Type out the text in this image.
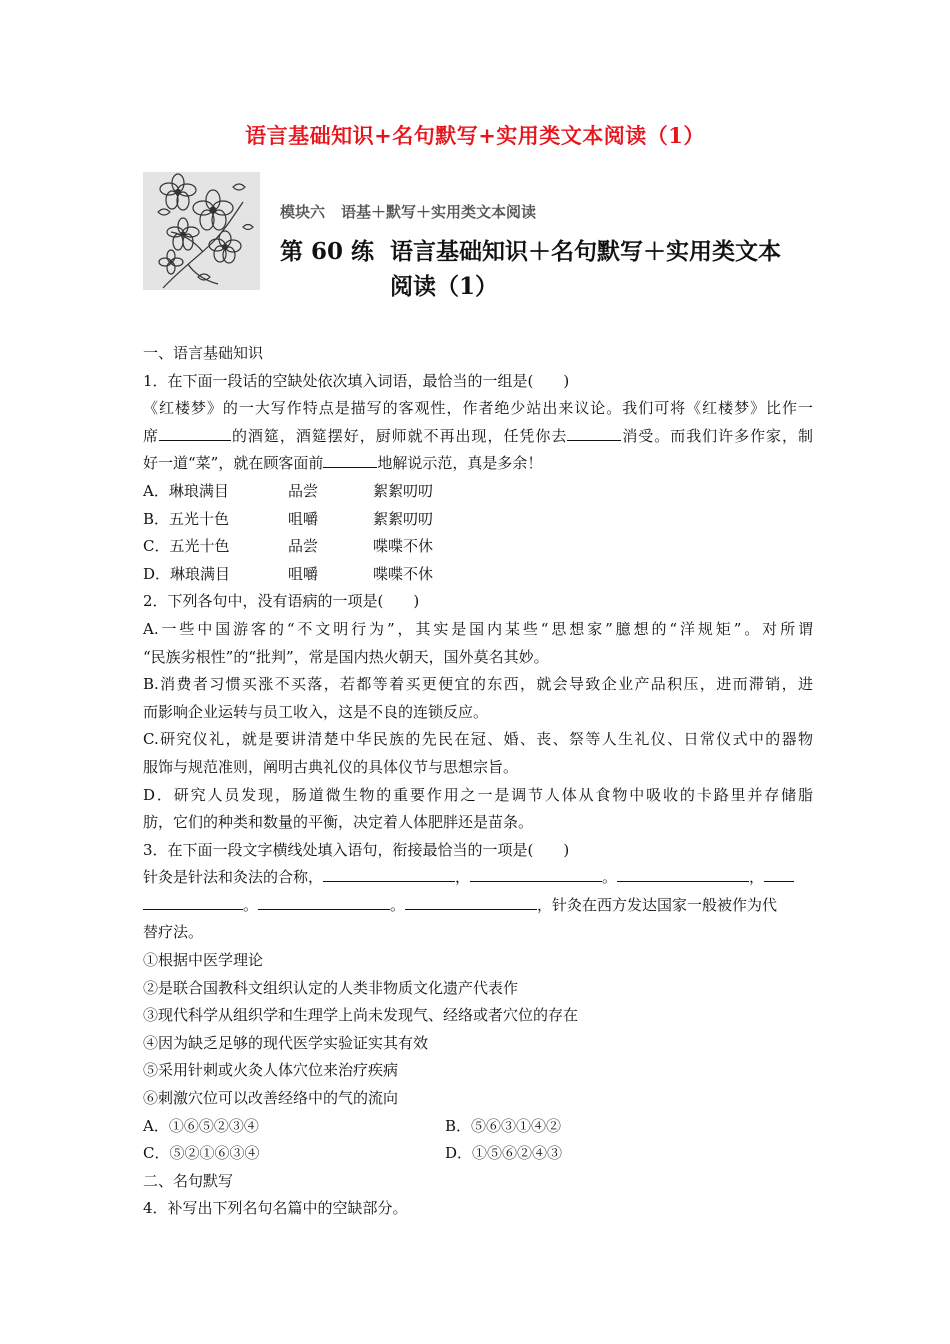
语言基础知识+名句默写+实用类文本阅读（1）
模块六 语基＋默写＋实用类文本阅读
第 60 练 语言基础知识＋名句默写＋实用类文本
阅读（1）

一、语言基础知识

1．在下面一段话的空缺处依次填入词语，最恰当的一组是(　　)

《红楼梦》的一大写作特点是描写的客观性，作者绝少站出来议论。我们可将《红楼梦》比作一

席	的酒筵，酒筵摆好，厨师就不再出现，任凭你去	消受。而我们许多作家，制

好一道“菜”，就在顾客面前	地解说示范，真是多余！

A．琳琅满目	品尝	絮絮叨叨

B．五光十色	咀嚼	絮絮叨叨

C．五光十色	品尝	喋喋不休

D．琳琅满目	咀嚼	喋喋不休

2．下列各句中，没有语病的一项是(　　)

A.一些中国游客的“不文明行为”，其实是国内某些“思想家”臆想的“洋规矩”。对所谓

“民族劣根性”的“批判”，常是国内热火朝天，国外莫名其妙。

B.消费者习惯买涨不买落，若都等着买更便宜的东西，就会导致企业产品积压，进而滞销，进

而影响企业运转与员工收入，这是不良的连锁反应。

C.研究仪礼，就是要讲清楚中华民族的先民在冠、婚、丧、祭等人生礼仪、日常仪式中的器物

服饰与规范准则，阐明古典礼仪的具体仪节与思想宗旨。

D．研究人员发现，肠道微生物的重要作用之一是调节人体从食物中吸收的卡路里并存储脂

肪，它们的种类和数量的平衡，决定着人体肥胖还是苗条。

3．在下面一段文字横线处填入语句，衔接最恰当的一项是(　　)

针灸是针法和灸法的合称，	，	。	，

。	。	，针灸在西方发达国家一般被作为代

替疗法。

①根据中医学理论

②是联合国教科文组织认定的人类非物质文化遗产代表作

③现代科学从组织学和生理学上尚未发现气、经络或者穴位的存在

④因为缺乏足够的现代医学实验证实其有效

⑤采用针刺或火灸人体穴位来治疗疾病

⑥刺激穴位可以改善经络中的气的流向

A．①⑥⑤②③④	B．⑤⑥③①④②

C．⑤②①⑥③④	D．①⑤⑥②④③

二、名句默写

4．补写出下列名句名篇中的空缺部分。
